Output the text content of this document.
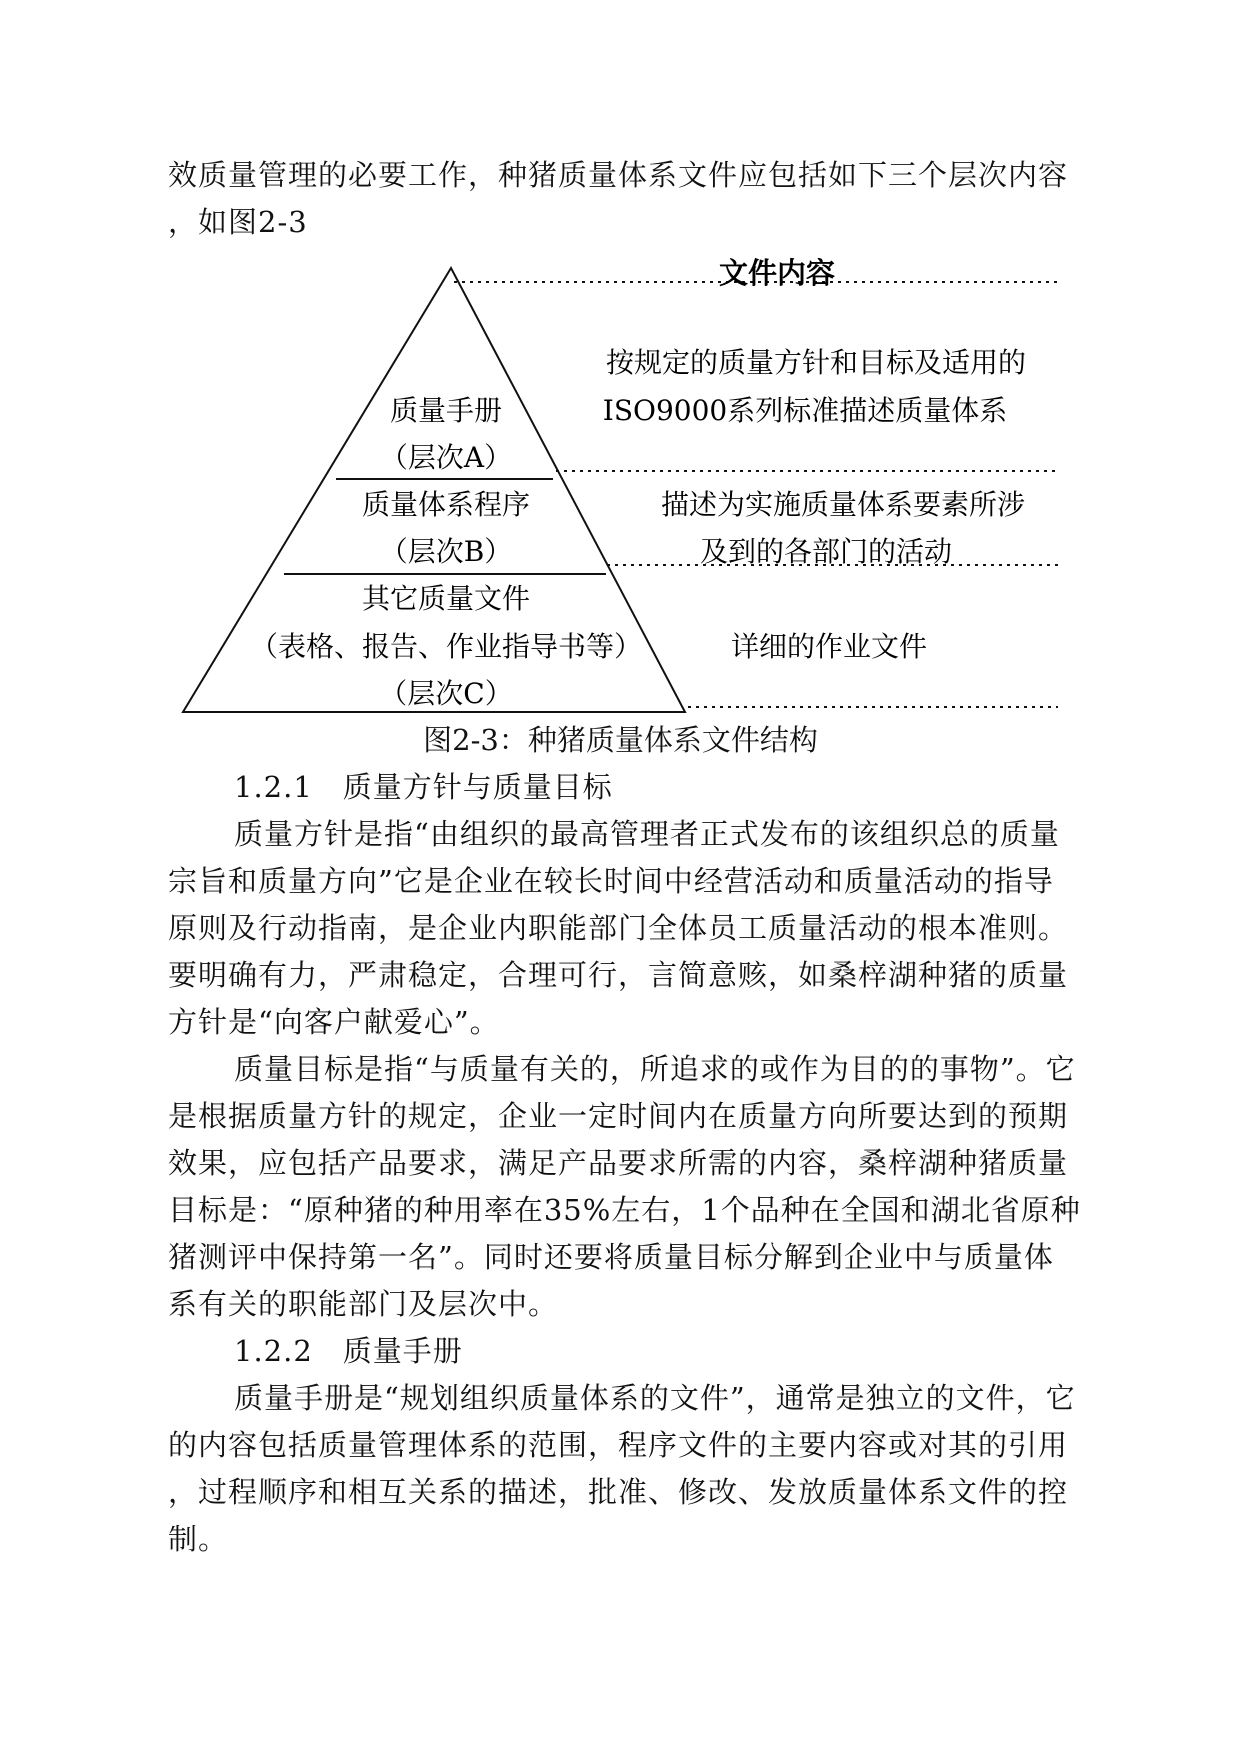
效质量管理的必要工作，种猪质量体系文件应包括如下三个层次内容
，如图2-3
文件内容
质量手册
（层次A）
质量体系程序
（层次B）
其它质量文件
（表格、报告、作业指导书等）
（层次C）
按规定的质量方针和目标及适用的
ISO9000系列标准描述质量体系
描述为实施质量体系要素所涉
及到的各部门的活动
详细的作业文件
图2-3：种猪质量体系文件结构
1.2.1　质量方针与质量目标
质量方针是指“由组织的最高管理者正式发布的该组织总的质量
宗旨和质量方向”它是企业在较长时间中经营活动和质量活动的指导
原则及行动指南，是企业内职能部门全体员工质量活动的根本准则。
要明确有力，严肃稳定，合理可行，言简意赅，如桑梓湖种猪的质量
方针是“向客户献爱心”。
质量目标是指“与质量有关的，所追求的或作为目的的事物”。它
是根据质量方针的规定，企业一定时间内在质量方向所要达到的预期
效果，应包括产品要求，满足产品要求所需的内容，桑梓湖种猪质量
目标是：“原种猪的种用率在35%左右，1个品种在全国和湖北省原种
猪测评中保持第一名”。同时还要将质量目标分解到企业中与质量体
系有关的职能部门及层次中。
1.2.2　质量手册
质量手册是“规划组织质量体系的文件”，通常是独立的文件，它
的内容包括质量管理体系的范围，程序文件的主要内容或对其的引用
，过程顺序和相互关系的描述，批准、修改、发放质量体系文件的控
制。
